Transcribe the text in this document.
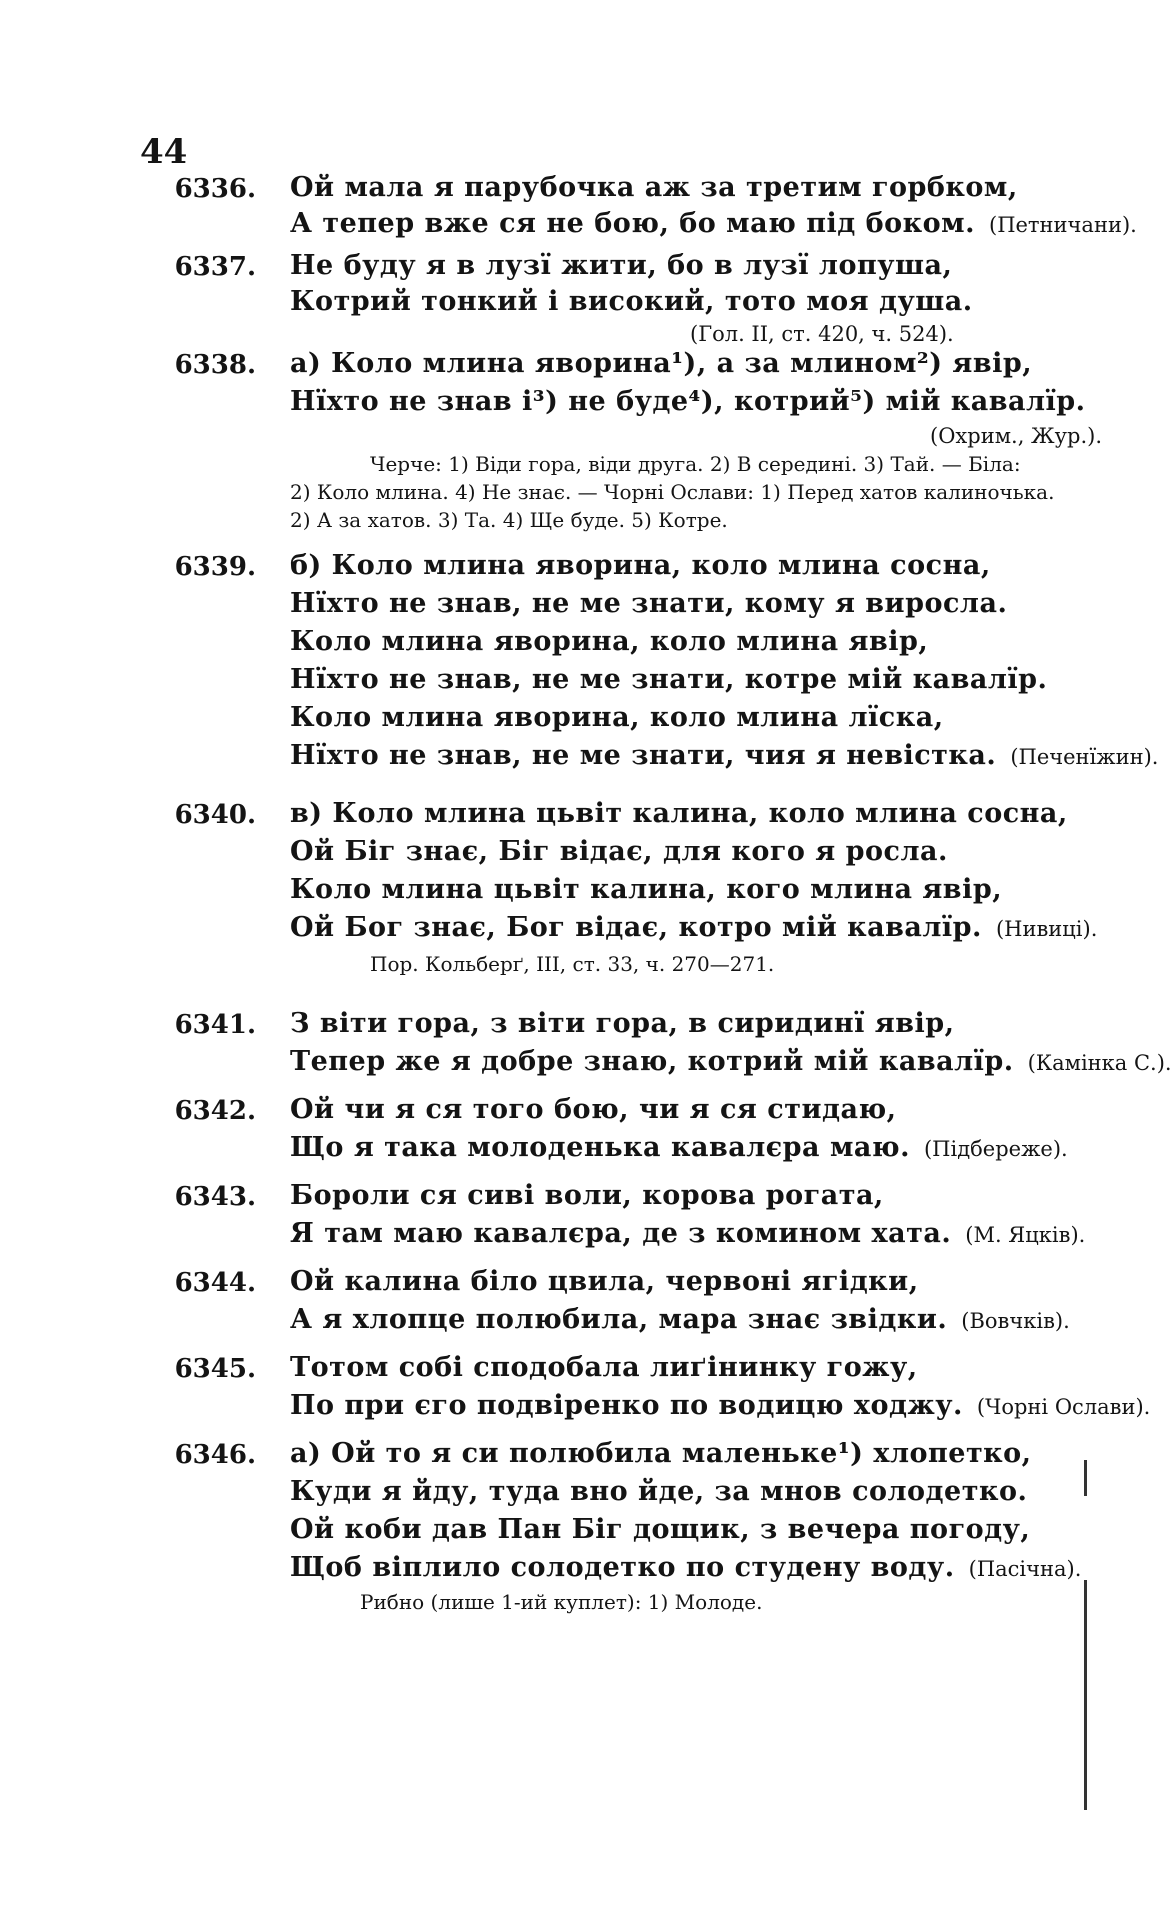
44
6336. Ой мала я парубочка аж за третим горбком,
А тепер вже ся не бою, бо маю під боком. (Петничани).
6337. Не буду я в лузї жити, бо в лузї лопуша,
Котрий тонкий і високий, тото моя душа.
(Гол. II, ст. 420, ч. 524).
6338. а) Коло млина яворина¹), а за млином²) явір,
Нїхто не знав і³) не буде⁴), котрий⁵) мій кавалїр.
(Охрим., Жур.).
Черче: 1) Віди гора, віди друга. 2) В середині. 3) Тай. — Біла:
2) Коло млина. 4) Не знає. — Чорні Ослави: 1) Перед хатов калиночька.
2) А за хатов. 3) Та. 4) Ще буде. 5) Котре.
6339. б) Коло млина яворина, коло млина сосна,
Нїхто не знав, не ме знати, кому я виросла.
Коло млина яворина, коло млина явір,
Нїхто не знав, не ме знати, котре мій кавалїр.
Коло млина яворина, коло млина лїска,
Нїхто не знав, не ме знати, чия я невістка. (Печенїжин).
6340. в) Коло млина цьвіт калина, коло млина сосна,
Ой Біг знає, Біг відає, для кого я росла.
Коло млина цьвіт калина, кого млина явір,
Ой Бог знає, Бог відає, котро мій кавалїр. (Нивиці).
Пор. Кольберґ, III, ст. 33, ч. 270—271.
6341. З віти гора, з віти гора, в сиридинї явір,
Тепер же я добре знаю, котрий мій кавалїр. (Камінка С.).
6342. Ой чи я ся того бою, чи я ся стидаю,
Що я така молоденька кавалєра маю. (Підбереже).
6343. Бороли ся сиві воли, корова рогата,
Я там маю кавалєра, де з комином хата. (М. Яцків).
6344. Ой калина біло цвила, червоні ягідки,
А я хлопце полюбила, мара знає звідки. (Вовчків).
6345. Тотом собі сподобала лиґінинку гожу,
По при єго подвіренко по водицю ходжу. (Чорні Ослави).
6346. а) Ой то я си полюбила маленьке¹) хлопетко,
Куди я йду, туда вно йде, за мнов солодетко.
Ой коби дав Пан Біг дощик, з вечера погоду,
Щоб віплило солодетко по студену воду. (Пасічна).
Рибно (лише 1-ий куплет): 1) Молоде.
